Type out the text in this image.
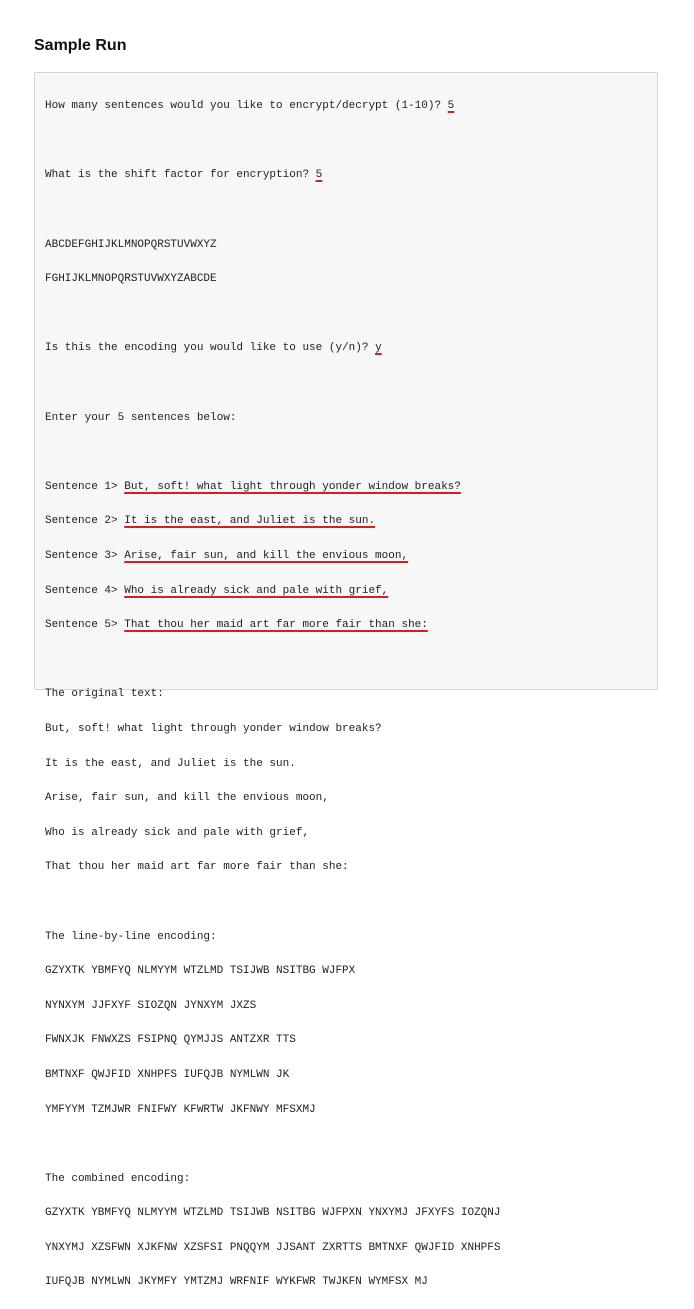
Sample Run

How many sentences would you like to encrypt/decrypt (1-10)? 5

What is the shift factor for encryption? 5

ABCDEFGHIJKLMNOPQRSTUVWXYZ

FGHIJKLMNOPQRSTUVWXYZABCDE

Is this the encoding you would like to use (y/n)? y

Enter your 5 sentences below:

Sentence 1> But, soft! what light through yonder window breaks?

Sentence 2> It is the east, and Juliet is the sun.

Sentence 3> Arise, fair sun, and kill the envious moon,

Sentence 4> Who is already sick and pale with grief,

Sentence 5> That thou her maid art far more fair than she:

The original text:

But, soft! what light through yonder window breaks?

It is the east, and Juliet is the sun.

Arise, fair sun, and kill the envious moon,

Who is already sick and pale with grief,

That thou her maid art far more fair than she:

The line-by-line encoding:

GZYXTK YBMFYQ NLMYYM WTZLMD TSIJWB NSITBG WJFPX

NYNXYM JJFXYF SIOZQN JYNXYM JXZS

FWNXJK FNWXZS FSIPNQ QYMJJS ANTZXR TTS

BMTNXF QWJFID XNHPFS IUFQJB NYMLWN JK

YMFYYM TZMJWR FNIFWY KFWRTW JKFNWY MFSXMJ

The combined encoding:

GZYXTK YBMFYQ NLMYYM WTZLMD TSIJWB NSITBG WJFPXN YNXYMJ JFXYFS IOZQNJ

YNXYMJ XZSFWN XJKFNW XZSFSI PNQQYM JJSANT ZXRTTS BMTNXF QWJFID XNHPFS

IUFQJB NYMLWN JKYMFY YMTZMJ WRFNIF WYKFWR TWJKFN WYMFSX MJ
